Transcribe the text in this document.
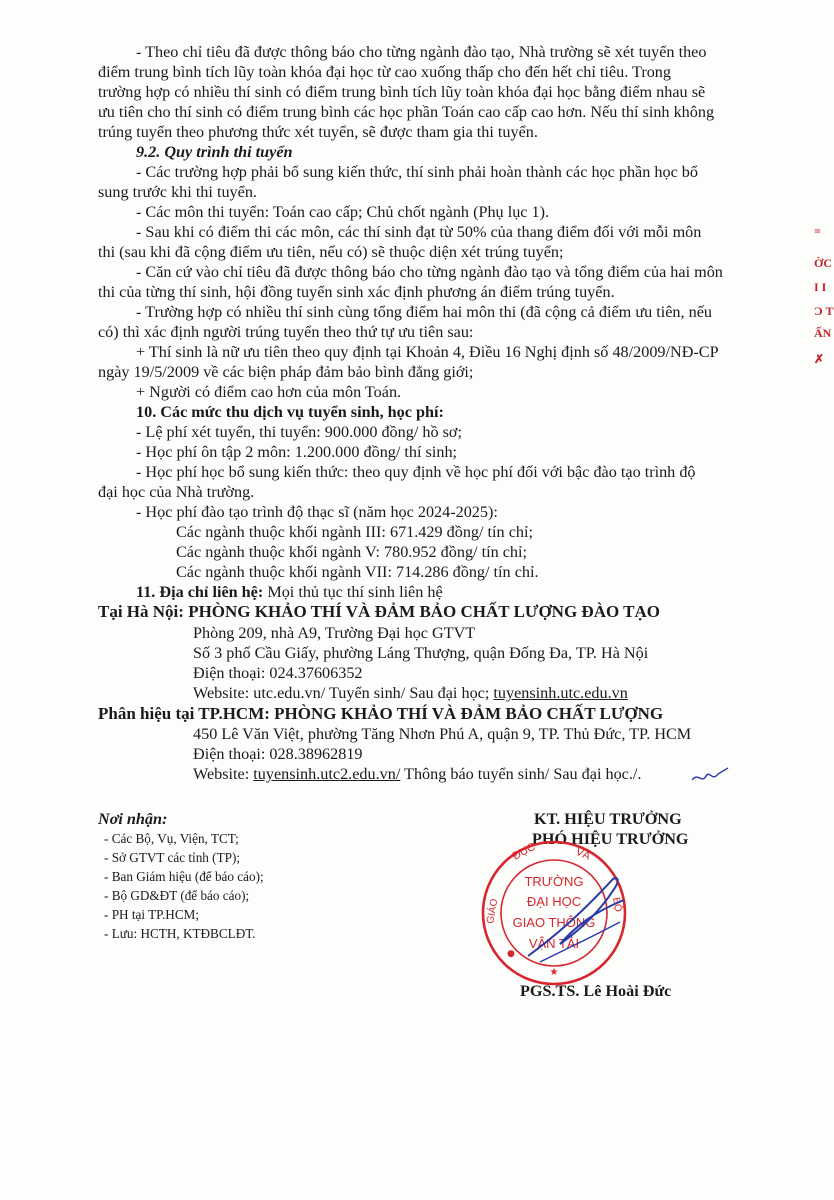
- Theo chỉ tiêu đã được thông báo cho từng ngành đào tạo, Nhà trường sẽ xét tuyển theo
điểm trung bình tích lũy toàn khóa đại học từ cao xuống thấp cho đến hết chỉ tiêu. Trong
trường hợp có nhiều thí sinh có điểm trung bình tích lũy toàn khóa đại học bằng điểm nhau sẽ
ưu tiên cho thí sinh có điểm trung bình các học phần Toán cao cấp cao hơn. Nếu thí sinh không
trúng tuyển theo phương thức xét tuyển, sẽ được tham gia thi tuyển.
9.2. Quy trình thi tuyển
- Các trường hợp phải bổ sung kiến thức, thí sinh phải hoàn thành các học phần học bổ
sung trước khi thi tuyển.
- Các môn thi tuyển: Toán cao cấp; Chủ chốt ngành (Phụ lục 1).
- Sau khi có điểm thi các môn, các thí sinh đạt từ 50% của thang điểm đối với mỗi môn
thi (sau khi đã cộng điểm ưu tiên, nếu có) sẽ thuộc diện xét trúng tuyển;
- Căn cứ vào chỉ tiêu đã được thông báo cho từng ngành đào tạo và tổng điểm của hai môn
thi của từng thí sinh, hội đồng tuyển sinh xác định phương án điểm trúng tuyển.
- Trường hợp có nhiều thí sinh cùng tổng điểm hai môn thi (đã cộng cả điểm ưu tiên, nếu
có) thì xác định người trúng tuyển theo thứ tự ưu tiên sau:
+ Thí sinh là nữ ưu tiên theo quy định tại Khoản 4, Điều 16 Nghị định số 48/2009/NĐ-CP
ngày 19/5/2009 về các biện pháp đảm bảo bình đẳng giới;
+ Người có điểm cao hơn của môn Toán.
10. Các mức thu dịch vụ tuyển sinh, học phí:
- Lệ phí xét tuyển, thi tuyển: 900.000 đồng/ hồ sơ;
- Học phí ôn tập 2 môn: 1.200.000 đồng/ thí sinh;
- Học phí học bổ sung kiến thức: theo quy định về học phí đối với bậc đào tạo trình độ
đại học của Nhà trường.
- Học phí đào tạo trình độ thạc sĩ (năm học 2024-2025):
Các ngành thuộc khối ngành III: 671.429 đồng/ tín chỉ;
Các ngành thuộc khối ngành V: 780.952 đồng/ tín chỉ;
Các ngành thuộc khối ngành VII: 714.286 đồng/ tín chỉ.
11. Địa chỉ liên hệ: Mọi thủ tục thí sinh liên hệ
Tại Hà Nội: PHÒNG KHẢO THÍ VÀ ĐẢM BẢO CHẤT LƯỢNG ĐÀO TẠO
Phòng 209, nhà A9, Trường Đại học GTVT
Số 3 phố Cầu Giấy, phường Láng Thượng, quận Đống Đa, TP. Hà Nội
Điện thoại: 024.37606352
Website: utc.edu.vn/ Tuyển sinh/ Sau đại học; tuyensinh.utc.edu.vn
Phân hiệu tại TP.HCM: PHÒNG KHẢO THÍ VÀ ĐẢM BẢO CHẤT LƯỢNG
450 Lê Văn Việt, phường Tăng Nhơn Phú A, quận 9, TP. Thủ Đức, TP. HCM
Điện thoại: 028.38962819
Website: tuyensinh.utc2.edu.vn/ Thông báo tuyển sinh/ Sau đại học./.
Nơi nhận:
- Các Bộ, Vụ, Viện, TCT;
- Sở GTVT các tỉnh (TP);
- Ban Giám hiệu (để báo cáo);
- Bộ GD&ĐT (để báo cáo);
- PH tại TP.HCM;
- Lưu: HCTH, KTĐBCLĐT.
KT. HIỆU TRƯỞNG
PHÓ HIỆU TRƯỞNG
ĐỤC	VÀ
GIÁO	BỘ
TRƯỜNG
ĐẠI HỌC
GIAO THÔNG
VẬN TẢI
★
●
PGS.TS. Lê Hoài Đức
=
ỜC
I I
Ɔ T
ẤN
✗
